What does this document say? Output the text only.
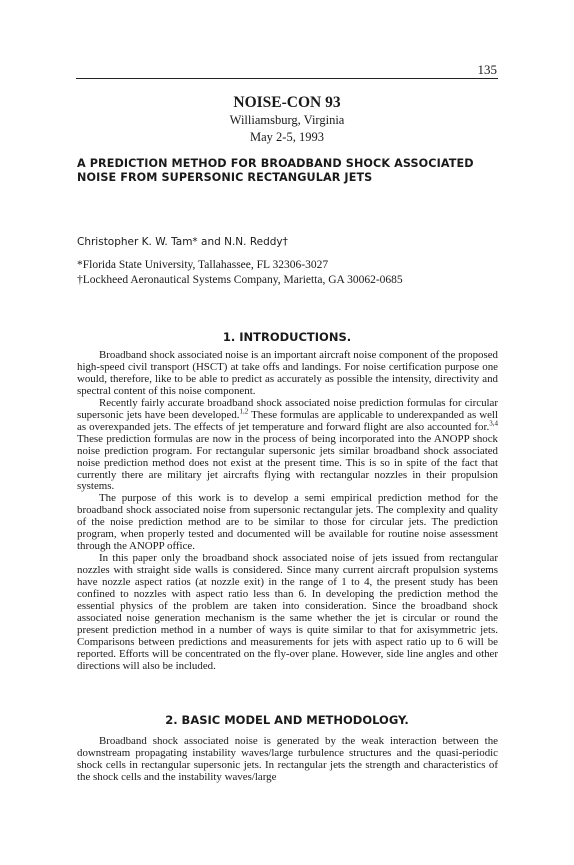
135
NOISE-CON 93
Williamsburg, Virginia
May 2-5, 1993
A PREDICTION METHOD FOR BROADBAND SHOCK ASSOCIATED
NOISE FROM SUPERSONIC RECTANGULAR JETS
Christopher K. W. Tam* and N.N. Reddy†
*Florida State University, Tallahassee, FL 32306-3027
†Lockheed Aeronautical Systems Company, Marietta, GA 30062-0685
1. INTRODUCTIONS.

Broadband shock associated noise is an important aircraft noise component of the proposed high-speed civil transport (HSCT) at take offs and landings. For noise certification purpose one would, therefore, like to be able to predict as accurately as possible the intensity, directivity and spectral content of this noise component.

Recently fairly accurate broadband shock associated noise prediction formulas for circular supersonic jets have been developed.$^{1,2}$ These formulas are applicable to underexpanded as well as overexpanded jets. The effects of jet temperature and forward flight are also accounted for.$^{3,4}$ These prediction formulas are now in the process of being incorporated into the ANOPP shock noise prediction program. For rectangular supersonic jets similar broadband shock associated noise prediction method does not exist at the present time. This is so in spite of the fact that currently there are military jet aircrafts flying with rectangular nozzles in their propulsion systems.

The purpose of this work is to develop a semi empirical prediction method for the broadband shock associated noise from supersonic rectangular jets. The complexity and quality of the noise prediction method are to be similar to those for circular jets. The prediction program, when properly tested and documented will be available for routine noise assessment through the ANOPP office.

In this paper only the broadband shock associated noise of jets issued from rectangular nozzles with straight side walls is considered. Since many current aircraft propulsion systems have nozzle aspect ratios (at nozzle exit) in the range of 1 to 4, the present study has been confined to nozzles with aspect ratio less than 6. In developing the prediction method the essential physics of the problem are taken into consideration. Since the broadband shock associated noise generation mechanism is the same whether the jet is circular or round the present prediction method in a number of ways is quite similar to that for axisymmetric jets. Comparisons between predictions and measurements for jets with aspect ratio up to 6 will be reported. Efforts will be concentrated on the fly-over plane. However, side line angles and other directions will also be included.

2. BASIC MODEL AND METHODOLOGY.

Broadband shock associated noise is generated by the weak interaction between the downstream propagating instability waves/large turbulence structures and the quasi-periodic shock cells in rectangular supersonic jets. In rectangular jets the strength and characteristics of the shock cells and the instability waves/large
